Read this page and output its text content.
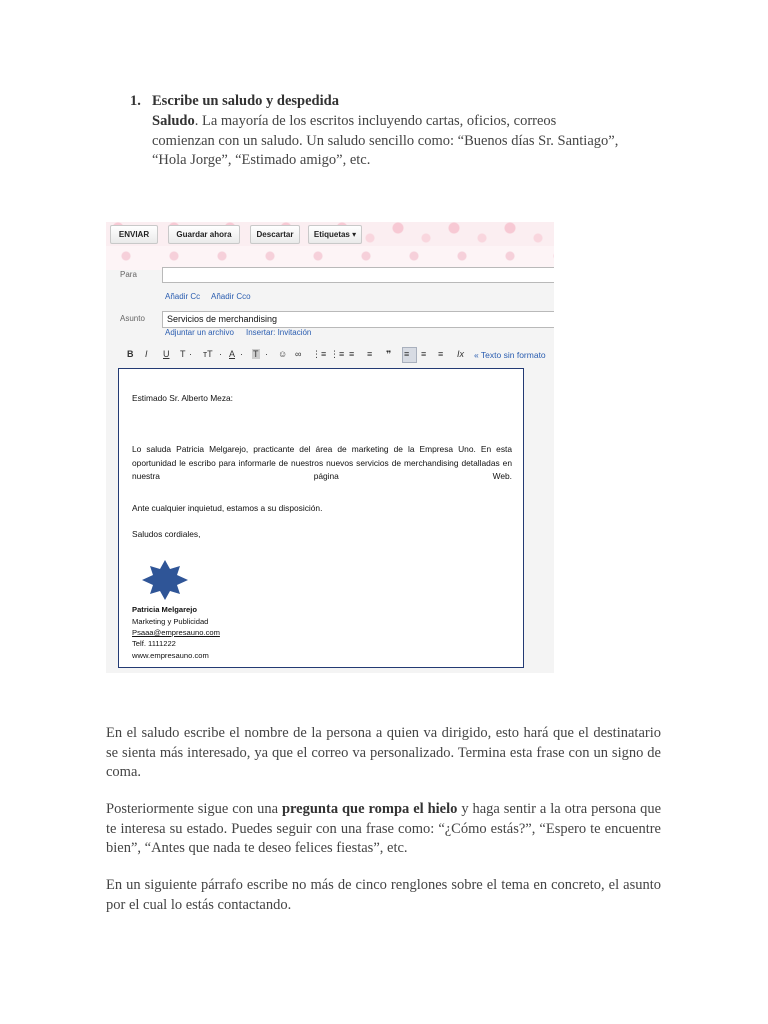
1. Escribe un saludo y despedida
Saludo. La mayoría de los escritos incluyendo cartas, oficios, correos comienzan con un saludo. Un saludo sencillo como: “Buenos días Sr. Santiago”, “Hola Jorge”, “Estimado amigo”, etc.
ENVIAR	Guardar ahora	Descartar	Etiquetas ▾
Para
Añadir Cc Añadir Cco
Asunto Servicios de merchandising
Adjuntar un archivo Insertar: Invitación
B I U T · тT · A · T · ☺ ∞ ⋮≡ ⋮≡ ≡ ≡ ❞ ≡ ≡ ≡ Ix « Texto sin formato
Estimado Sr. Alberto Meza:
Lo saluda Patricia Melgarejo, practicante del área de marketing de la Empresa Uno. En esta oportunidad le escribo para informarle de nuestros nuevos servicios de merchandising detalladas en nuestra página Web.
Ante cualquier inquietud, estamos a su disposición.
Saludos cordiales,
Patricia Melgarejo
Marketing y Publicidad
Psaaa@empresauno.com
Telf. 1111222
www.empresauno.com
En el saludo escribe el nombre de la persona a quien va dirigido, esto hará que el destinatario se sienta más interesado, ya que el correo va personalizado. Termina esta frase con un signo de coma.
Posteriormente sigue con una pregunta que rompa el hielo y haga sentir a la otra persona que te interesa su estado. Puedes seguir con una frase como: “¿Cómo estás?”, “Espero te encuentre bien”, “Antes que nada te deseo felices fiestas”, etc.
En un siguiente párrafo escribe no más de cinco renglones sobre el tema en concreto, el asunto por el cual lo estás contactando.
